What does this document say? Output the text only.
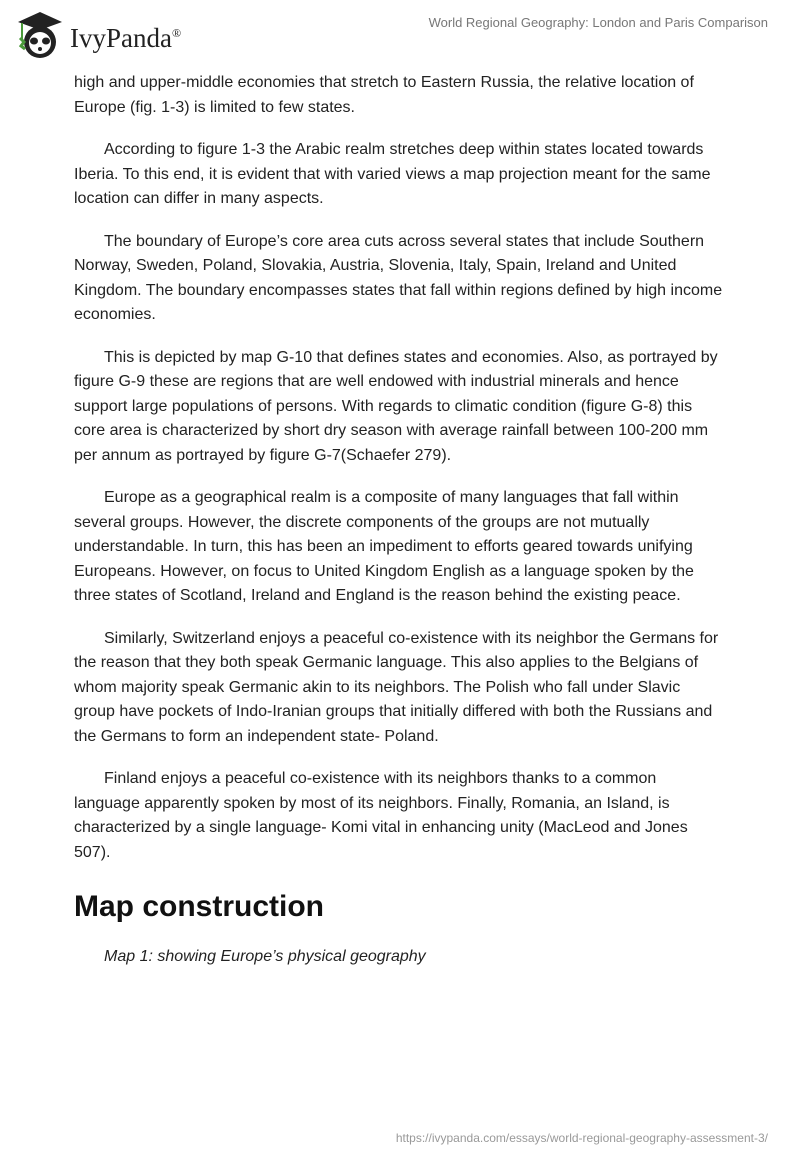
IvyPanda®
World Regional Geography: London and Paris Comparison

high and upper-middle economies that stretch to Eastern Russia, the relative location of Europe (fig. 1-3) is limited to few states.

According to figure 1-3 the Arabic realm stretches deep within states located towards Iberia. To this end, it is evident that with varied views a map projection meant for the same location can differ in many aspects.

The boundary of Europe’s core area cuts across several states that include Southern Norway, Sweden, Poland, Slovakia, Austria, Slovenia, Italy, Spain, Ireland and United Kingdom. The boundary encompasses states that fall within regions defined by high income economies.

This is depicted by map G-10 that defines states and economies. Also, as portrayed by figure G-9 these are regions that are well endowed with industrial minerals and hence support large populations of persons. With regards to climatic condition (figure G-8) this core area is characterized by short dry season with average rainfall between 100-200 mm per annum as portrayed by figure G-7(Schaefer 279).

Europe as a geographical realm is a composite of many languages that fall within several groups. However, the discrete components of the groups are not mutually understandable. In turn, this has been an impediment to efforts geared towards unifying Europeans. However, on focus to United Kingdom English as a language spoken by the three states of Scotland, Ireland and England is the reason behind the existing peace.

Similarly, Switzerland enjoys a peaceful co-existence with its neighbor the Germans for the reason that they both speak Germanic language. This also applies to the Belgians of whom majority speak Germanic akin to its neighbors. The Polish who fall under Slavic group have pockets of Indo-Iranian groups that initially differed with both the Russians and the Germans to form an independent state- Poland.

Finland enjoys a peaceful co-existence with its neighbors thanks to a common language apparently spoken by most of its neighbors. Finally, Romania, an Island, is characterized by a single language- Komi vital in enhancing unity (MacLeod and Jones 507).

Map construction

Map 1: showing Europe’s physical geography

https://ivypanda.com/essays/world-regional-geography-assessment-3/
